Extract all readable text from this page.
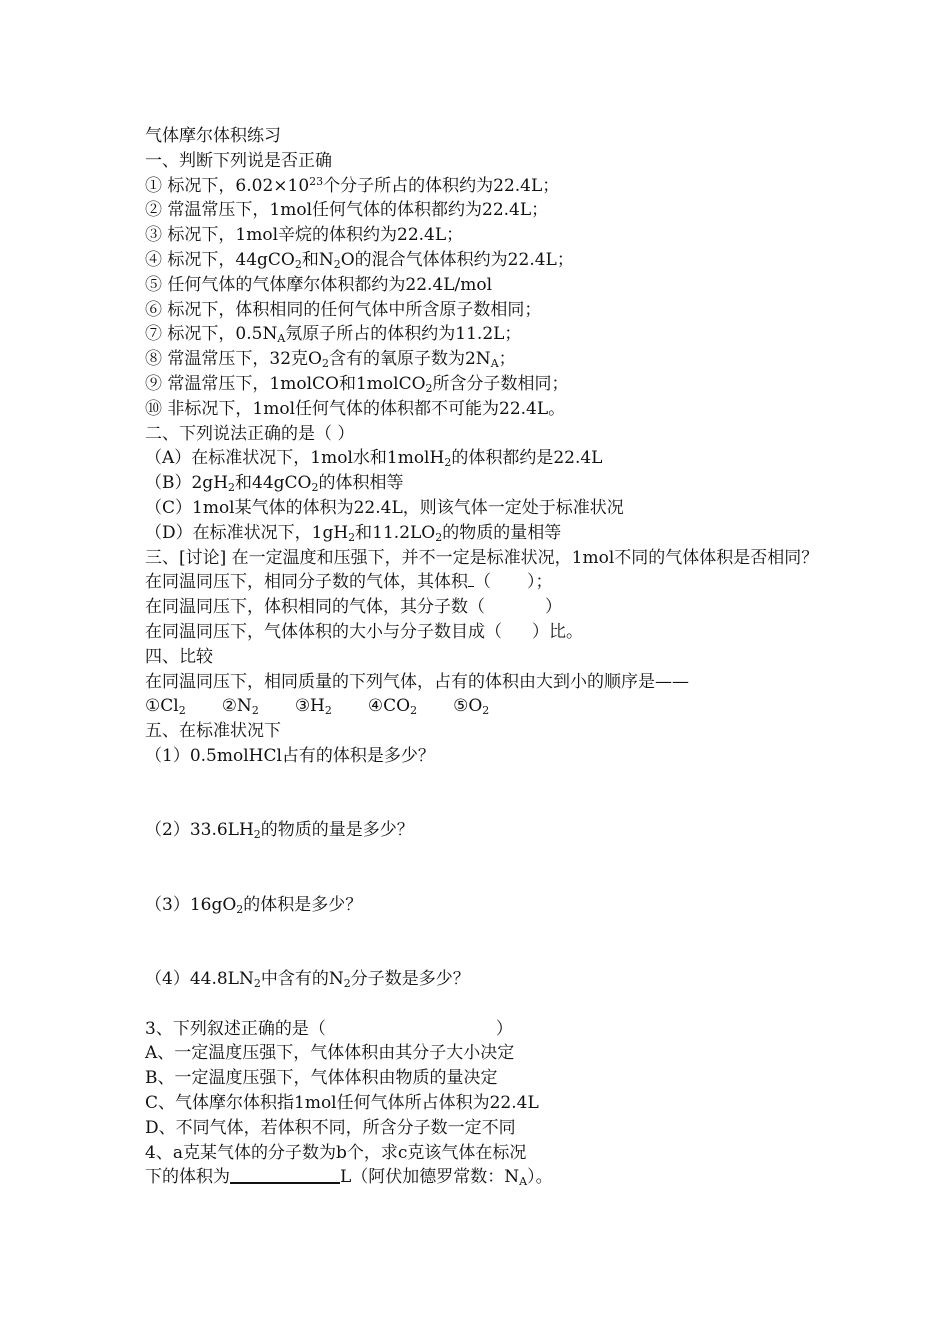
气体摩尔体积练习
一、判断下列说是否正确
① 标况下，$6.02\times 10^{23}$个分子所占的体积约为22.4L；
② 常温常压下，1mol任何气体的体积都约为22.4L；
③ 标况下，1mol辛烷的体积约为22.4L；
④ 标况下，44gCO$_2$和$N_2O$的混合气体体积约为22.4L；
⑤ 任何气体的气体摩尔体积都约为22.4L/mol
⑥ 标况下，体积相同的任何气体中所含原子数相同；
⑦ 标况下，$0.5N_A$氖原子所占的体积约为11.2L；
⑧ 常温常压下，32克$O_2$含有的氧原子数为$2N_A$；
⑨ 常温常压下，1molCO和1molCO$_2$所含分子数相同；
⑩ 非标况下，1mol任何气体的体积都不可能为22.4L。
二、下列说法正确的是（ ）
（A）在标准状况下，1mol水和1molH$_2$的体积都约是22.4L
$(B)2gH_2$和44gCO$_2$的体积相等
（C）1mol某气体的体积为22.4L，则该气体一定处于标准状况
（D）在标准状况下，$1gH_2$和$11.2LO_2$的物质的量相等
三、[讨论] 在一定温度和压强下，并不一定是标准状况，1mol不同的气体体积是否相同？
在同温同压下，相同分子数的气体，其体积 （ ）；
在同温同压下，体积相同的气体，其分子数（	）
在同温同压下，气体体积的大小与分子数目成（ ）比。
四、比较
在同温同压下，相同质量的下列气体，占有的体积由大到小的顺序是——
$①Cl_2$ $②N_2$ $③H_2$ $④CO_2$ $⑤O_2$
五、在标准状况下
（1）0.5molHCl占有的体积是多少？
$(2)33.6LH_2$的物质的量是多少？
$(3)16gO_2$的体积是多少？
$(4)44.8LN_2$中含有的$N_2$分子数是多少？
3、下列叙述正确的是（	）
A、一定温度压强下，气体体积由其分子大小决定
B、一定温度压强下，气体体积由物质的量决定
C、气体摩尔体积指1mol任何气体所占体积为22.4L
D、不同气体，若体积不同，所含分子数一定不同
4、a克某气体的分子数为b个，求c克该气体在标况
下的体积为	L（阿伏加德罗常数：$N_A$）。
